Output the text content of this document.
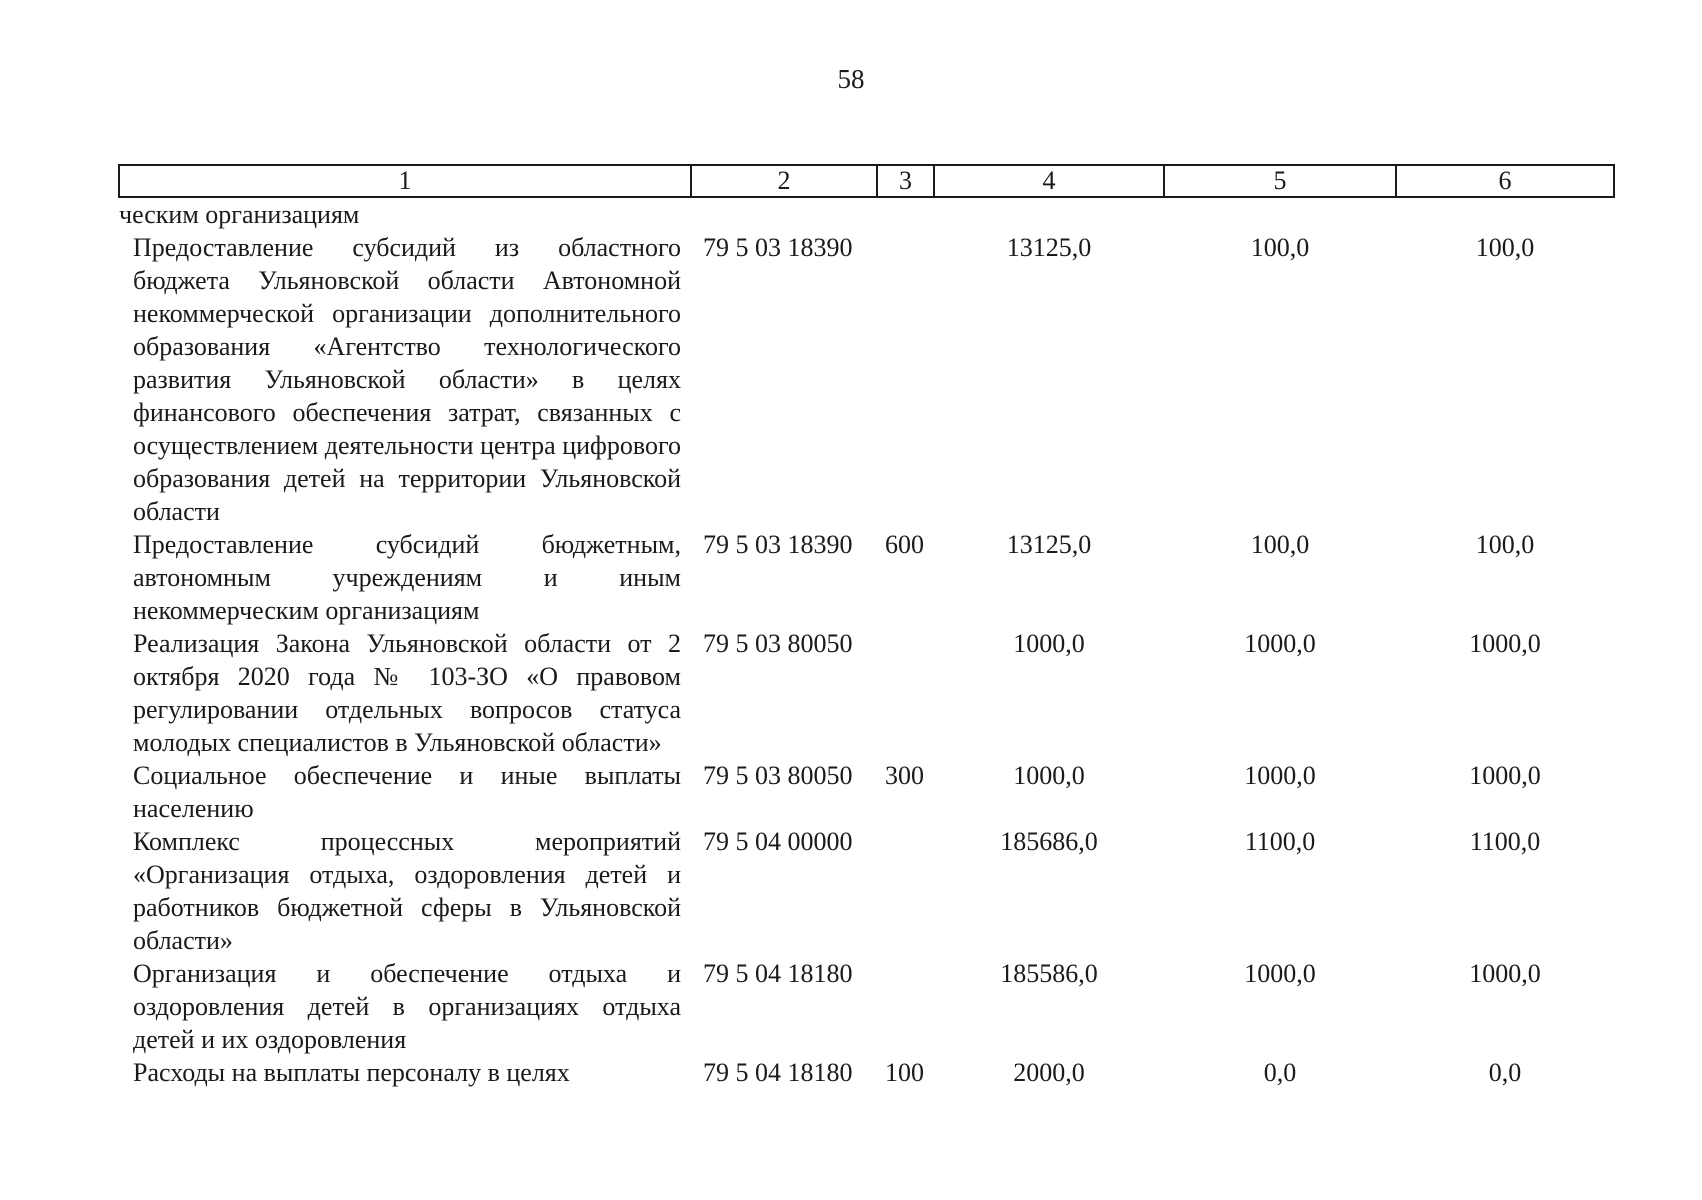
58
1	2	3	4	5	6
ческим организациям					
Предоставление субсидий из областного бюджета Ульяновской области Автономной некоммерческой организации дополнительного образования «Агентство технологического развития Ульяновской области» в целях финансового обеспечения затрат, связанных с осуществлением деятельности центра цифрового образования детей на территории Ульяновской области	79 5 03 18390		13125,0	100,0	100,0
Предоставление субсидий бюджетным, автономным учреждениям и иным некоммерческим организациям	79 5 03 18390	600	13125,0	100,0	100,0
Реализация Закона Ульяновской области от 2 октября 2020 года № 103-ЗО «О правовом регулировании отдельных вопросов статуса молодых специалистов в Ульяновской области»	79 5 03 80050		1000,0	1000,0	1000,0
Социальное обеспечение и иные выплаты населению	79 5 03 80050	300	1000,0	1000,0	1000,0
Комплекс процессных мероприятий «Организация отдыха, оздоровления детей и работников бюджетной сферы в Ульяновской области»	79 5 04 00000		185686,0	1100,0	1100,0
Организация и обеспечение отдыха и оздоровления детей в организациях отдыха детей и их оздоровления	79 5 04 18180		185586,0	1000,0	1000,0
Расходы на выплаты персоналу в целях	79 5 04 18180	100	2000,0	0,0	0,0
